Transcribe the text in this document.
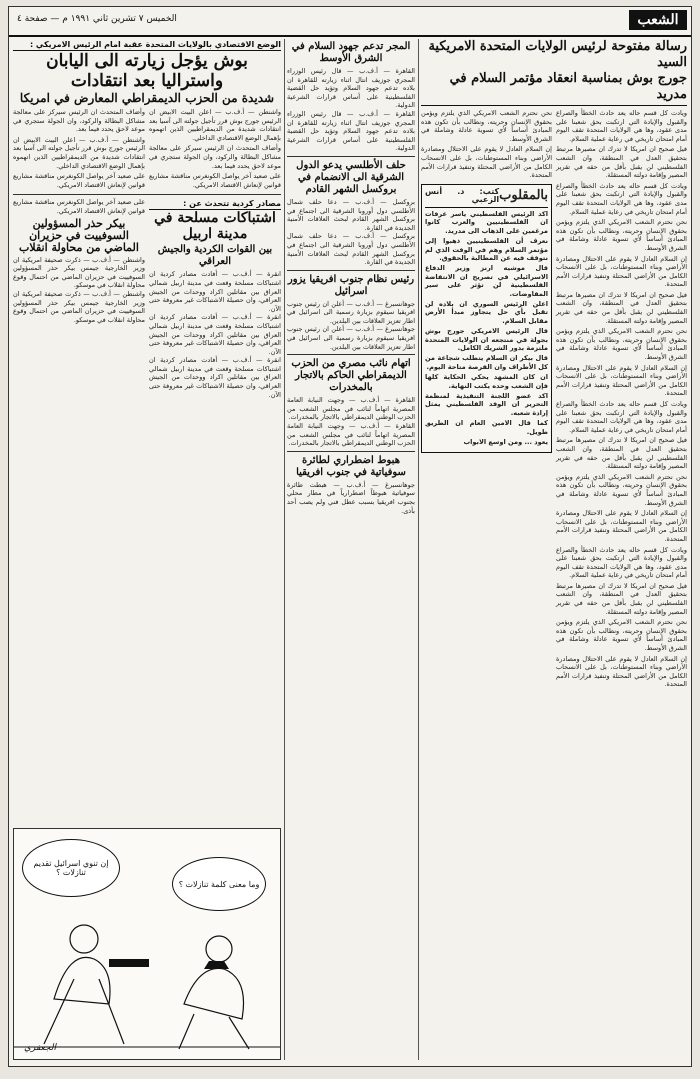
الشعب
الخميس ٧ تشرين ثاني ١٩٩١ م — صفحة ٤
رسالة مفتوحة لرئيس الولايات المتحدة الامريكية السيد
جورج بوش بمناسبة انعقاد مؤتمر السلام في مدريد

ويادت كل قسم حاله يعد حادث الخطأ والصراع والقبول والإيادة التي ارتكبت بحق شعبنا على مدى عقود، وها هي الولايات المتحدة تقف اليوم أمام امتحان تاريخي في رعاية عملية السلام.

فيل صحيح ان امريكا لا تدرك ان مصيرها مرتبط بتحقيق العدل في المنطقة، وان الشعب الفلسطيني لن يقبل بأقل من حقه في تقرير المصير وإقامة دولته المستقلة.

ويادت كل قسم حاله يعد حادث الخطأ والصراع والقبول والإيادة التي ارتكبت بحق شعبنا على مدى عقود، وها هي الولايات المتحدة تقف اليوم أمام امتحان تاريخي في رعاية عملية السلام.

نحن نحترم الشعب الامريكي الذي يلتزم ويؤمن بحقوق الإنسان وحريته، ونطالب بأن تكون هذه المبادئ أساساً لأي تسوية عادلة وشاملة في الشرق الأوسط.

إن السلام العادل لا يقوم على الاحتلال ومصادرة الأراضي وبناء المستوطنات، بل على الانسحاب الكامل من الأراضي المحتلة وتنفيذ قرارات الأمم المتحدة.

فيل صحيح ان امريكا لا تدرك ان مصيرها مرتبط بتحقيق العدل في المنطقة، وان الشعب الفلسطيني لن يقبل بأقل من حقه في تقرير المصير وإقامة دولته المستقلة.

نحن نحترم الشعب الامريكي الذي يلتزم ويؤمن بحقوق الإنسان وحريته، ونطالب بأن تكون هذه المبادئ أساساً لأي تسوية عادلة وشاملة في الشرق الأوسط.

إن السلام العادل لا يقوم على الاحتلال ومصادرة الأراضي وبناء المستوطنات، بل على الانسحاب الكامل من الأراضي المحتلة وتنفيذ قرارات الأمم المتحدة.

ويادت كل قسم حاله يعد حادث الخطأ والصراع والقبول والإيادة التي ارتكبت بحق شعبنا على مدى عقود، وها هي الولايات المتحدة تقف اليوم أمام امتحان تاريخي في رعاية عملية السلام.

فيل صحيح ان امريكا لا تدرك ان مصيرها مرتبط بتحقيق العدل في المنطقة، وان الشعب الفلسطيني لن يقبل بأقل من حقه في تقرير المصير وإقامة دولته المستقلة.

نحن نحترم الشعب الامريكي الذي يلتزم ويؤمن بحقوق الإنسان وحريته، ونطالب بأن تكون هذه المبادئ أساساً لأي تسوية عادلة وشاملة في الشرق الأوسط.

إن السلام العادل لا يقوم على الاحتلال ومصادرة الأراضي وبناء المستوطنات، بل على الانسحاب الكامل من الأراضي المحتلة وتنفيذ قرارات الأمم المتحدة.

ويادت كل قسم حاله يعد حادث الخطأ والصراع والقبول والإيادة التي ارتكبت بحق شعبنا على مدى عقود، وها هي الولايات المتحدة تقف اليوم أمام امتحان تاريخي في رعاية عملية السلام.

فيل صحيح ان امريكا لا تدرك ان مصيرها مرتبط بتحقيق العدل في المنطقة، وان الشعب الفلسطيني لن يقبل بأقل من حقه في تقرير المصير وإقامة دولته المستقلة.

نحن نحترم الشعب الامريكي الذي يلتزم ويؤمن بحقوق الإنسان وحريته، ونطالب بأن تكون هذه المبادئ أساساً لأي تسوية عادلة وشاملة في الشرق الأوسط.

إن السلام العادل لا يقوم على الاحتلال ومصادرة الأراضي وبناء المستوطنات، بل على الانسحاب الكامل من الأراضي المحتلة وتنفيذ قرارات الأمم المتحدة.

نحن نحترم الشعب الامريكي الذي يلتزم ويؤمن بحقوق الإنسان وحريته، ونطالب بأن تكون هذه المبادئ أساساً لأي تسوية عادلة وشاملة في الشرق الأوسط.

إن السلام العادل لا يقوم على الاحتلال ومصادرة الأراضي وبناء المستوطنات، بل على الانسحاب الكامل من الأراضي المحتلة وتنفيذ قرارات الأمم المتحدة.

بالمقلوب
كتب: د. أنس الزعبي

اكد الرئيس الفلسطيني ياسر عرفات ان الفلسطينيين والعرب كانوا مرغمين على الذهاب الى مدريد.

نعرف أن الفلسطينيين ذهبوا إلى مؤتمر السلام وهم في الوقت الذي لم نتوقف فيه عن المطالبة بالحقوق.

قال موشيه ارنز وزير الدفاع الاسرائيلي في تصريح ان الانتفاضة الفلسطينية لن تؤثر على سير المفاوضات.

اعلن الرئيس السوري ان بلاده لن تقبل بأي حل يتجاوز مبدأ الأرض مقابل السلام.

قال الرئيس الامريكي جورج بوش بجولة في منتجعه ان الولايات المتحدة ملتزمة بدور الشريك الكامل.

قال بيكر ان السلام يتطلب شجاعة من كل الأطراف وان الفرصة متاحة اليوم.

ان كان المشهد يحكي الحكاية كلها فإن الشعب وحده يكتب النهاية.

اكد عضو اللجنة التنفيذية لمنظمة التحرير ان الوفد الفلسطيني يمثل إرادة شعبه.

كما قال الامين العام ان الطريق طويل.

يعود ... ومن اوسع الابواب

المجر تدعم جهود السلام في الشرق الأوسط

القاهرة — أ.ف.ب — قال رئيس الوزراء المجري جوزيف انتال اثناء زيارته للقاهرة ان بلاده تدعم جهود السلام وتؤيد حل القضية الفلسطينية على أساس قرارات الشرعية الدولية.

القاهرة — أ.ف.ب — قال رئيس الوزراء المجري جوزيف انتال اثناء زيارته للقاهرة ان بلاده تدعم جهود السلام وتؤيد حل القضية الفلسطينية على أساس قرارات الشرعية الدولية.

حلف الأطلسي يدعو الدول الشرقية الى الانضمام في بروكسل الشهر القادم

بروكسل — أ.ف.ب — دعا حلف شمال الأطلسي دول أوروبا الشرقية الى اجتماع في بروكسل الشهر القادم لبحث العلاقات الأمنية الجديدة في القارة.

بروكسل — أ.ف.ب — دعا حلف شمال الأطلسي دول أوروبا الشرقية الى اجتماع في بروكسل الشهر القادم لبحث العلاقات الأمنية الجديدة في القارة.

رئيس نظام جنوب افريقيا يزور اسرائيل

جوهانسبرغ — أ.ف.ب — أعلن ان رئيس جنوب افريقيا سيقوم بزيارة رسمية الى اسرائيل في اطار تعزيز العلاقات بين البلدين.

جوهانسبرغ — أ.ف.ب — أعلن ان رئيس جنوب افريقيا سيقوم بزيارة رسمية الى اسرائيل في اطار تعزيز العلاقات بين البلدين.

اتهام نائب مصري من الحزب الديمقراطي الحاكم بالاتجار بالمخدرات

القاهرة — أ.ف.ب — وجهت النيابة العامة المصرية اتهاماً لنائب في مجلس الشعب من الحزب الوطني الديمقراطي بالاتجار بالمخدرات.

القاهرة — أ.ف.ب — وجهت النيابة العامة المصرية اتهاماً لنائب في مجلس الشعب من الحزب الوطني الديمقراطي بالاتجار بالمخدرات.

هبوط اضطراري لطائرة سوفياتية في جنوب افريقيا

جوهانسبرغ — أ.ف.ب — هبطت طائرة سوفياتية هبوطاً اضطرارياً في مطار محلي بجنوب افريقيا بسبب عطل فني ولم يصب أحد بأذى.

الوضع الاقتصادي بالولايات المتحدة عقبة امام الرئيس الامريكي :
بوش يؤجل زيارته الى اليابان واستراليا بعد انتقادات
شديدة من الحزب الديمقراطي المعارض في امريكا

واشنطن — أ.ف.ب — اعلن البيت الابيض ان الرئيس جورج بوش قرر تأجيل جولته الى آسيا بعد انتقادات شديدة من الديمقراطيين الذين اتهموه بإهمال الوضع الاقتصادي الداخلي.

وأضاف المتحدث ان الرئيس سيركز على معالجة مشاكل البطالة والركود، وان الجولة ستجري في موعد لاحق يحدد فيما بعد.

على صعيد آخر يواصل الكونغرس مناقشة مشاريع قوانين لإنعاش الاقتصاد الامريكي.

وأضاف المتحدث ان الرئيس سيركز على معالجة مشاكل البطالة والركود، وان الجولة ستجري في موعد لاحق يحدد فيما بعد.

واشنطن — أ.ف.ب — اعلن البيت الابيض ان الرئيس جورج بوش قرر تأجيل جولته الى آسيا بعد انتقادات شديدة من الديمقراطيين الذين اتهموه بإهمال الوضع الاقتصادي الداخلي.

على صعيد آخر يواصل الكونغرس مناقشة مشاريع قوانين لإنعاش الاقتصاد الامريكي.

مصادر كردية تتحدث عن :
اشتباكات مسلحة في مدينة اربيل
بين القوات الكردية والجيش العراقي

انقرة — أ.ف.ب — أفادت مصادر كردية ان اشتباكات مسلحة وقعت في مدينة اربيل شمالي العراق بين مقاتلين اكراد ووحدات من الجيش العراقي، وان حصيلة الاشتباكات غير معروفة حتى الآن.

انقرة — أ.ف.ب — أفادت مصادر كردية ان اشتباكات مسلحة وقعت في مدينة اربيل شمالي العراق بين مقاتلين اكراد ووحدات من الجيش العراقي، وان حصيلة الاشتباكات غير معروفة حتى الآن.

انقرة — أ.ف.ب — أفادت مصادر كردية ان اشتباكات مسلحة وقعت في مدينة اربيل شمالي العراق بين مقاتلين اكراد ووحدات من الجيش العراقي، وان حصيلة الاشتباكات غير معروفة حتى الآن.

على صعيد آخر يواصل الكونغرس مناقشة مشاريع قوانين لإنعاش الاقتصاد الامريكي.

بيكر حذر المسؤولين السوفييت في حزيران الماضي من محاولة انقلاب

واشنطن — أ.ف.ب — ذكرت صحيفة امريكية ان وزير الخارجية جيمس بيكر حذر المسؤولين السوفييت في حزيران الماضي من احتمال وقوع محاولة انقلاب في موسكو.

واشنطن — أ.ف.ب — ذكرت صحيفة امريكية ان وزير الخارجية جيمس بيكر حذر المسؤولين السوفييت في حزيران الماضي من احتمال وقوع محاولة انقلاب في موسكو.

إن تنوي اسرائيل تقديم تنازلات ؟
وما معنى كلمة تنازلات ؟
الجعفري
